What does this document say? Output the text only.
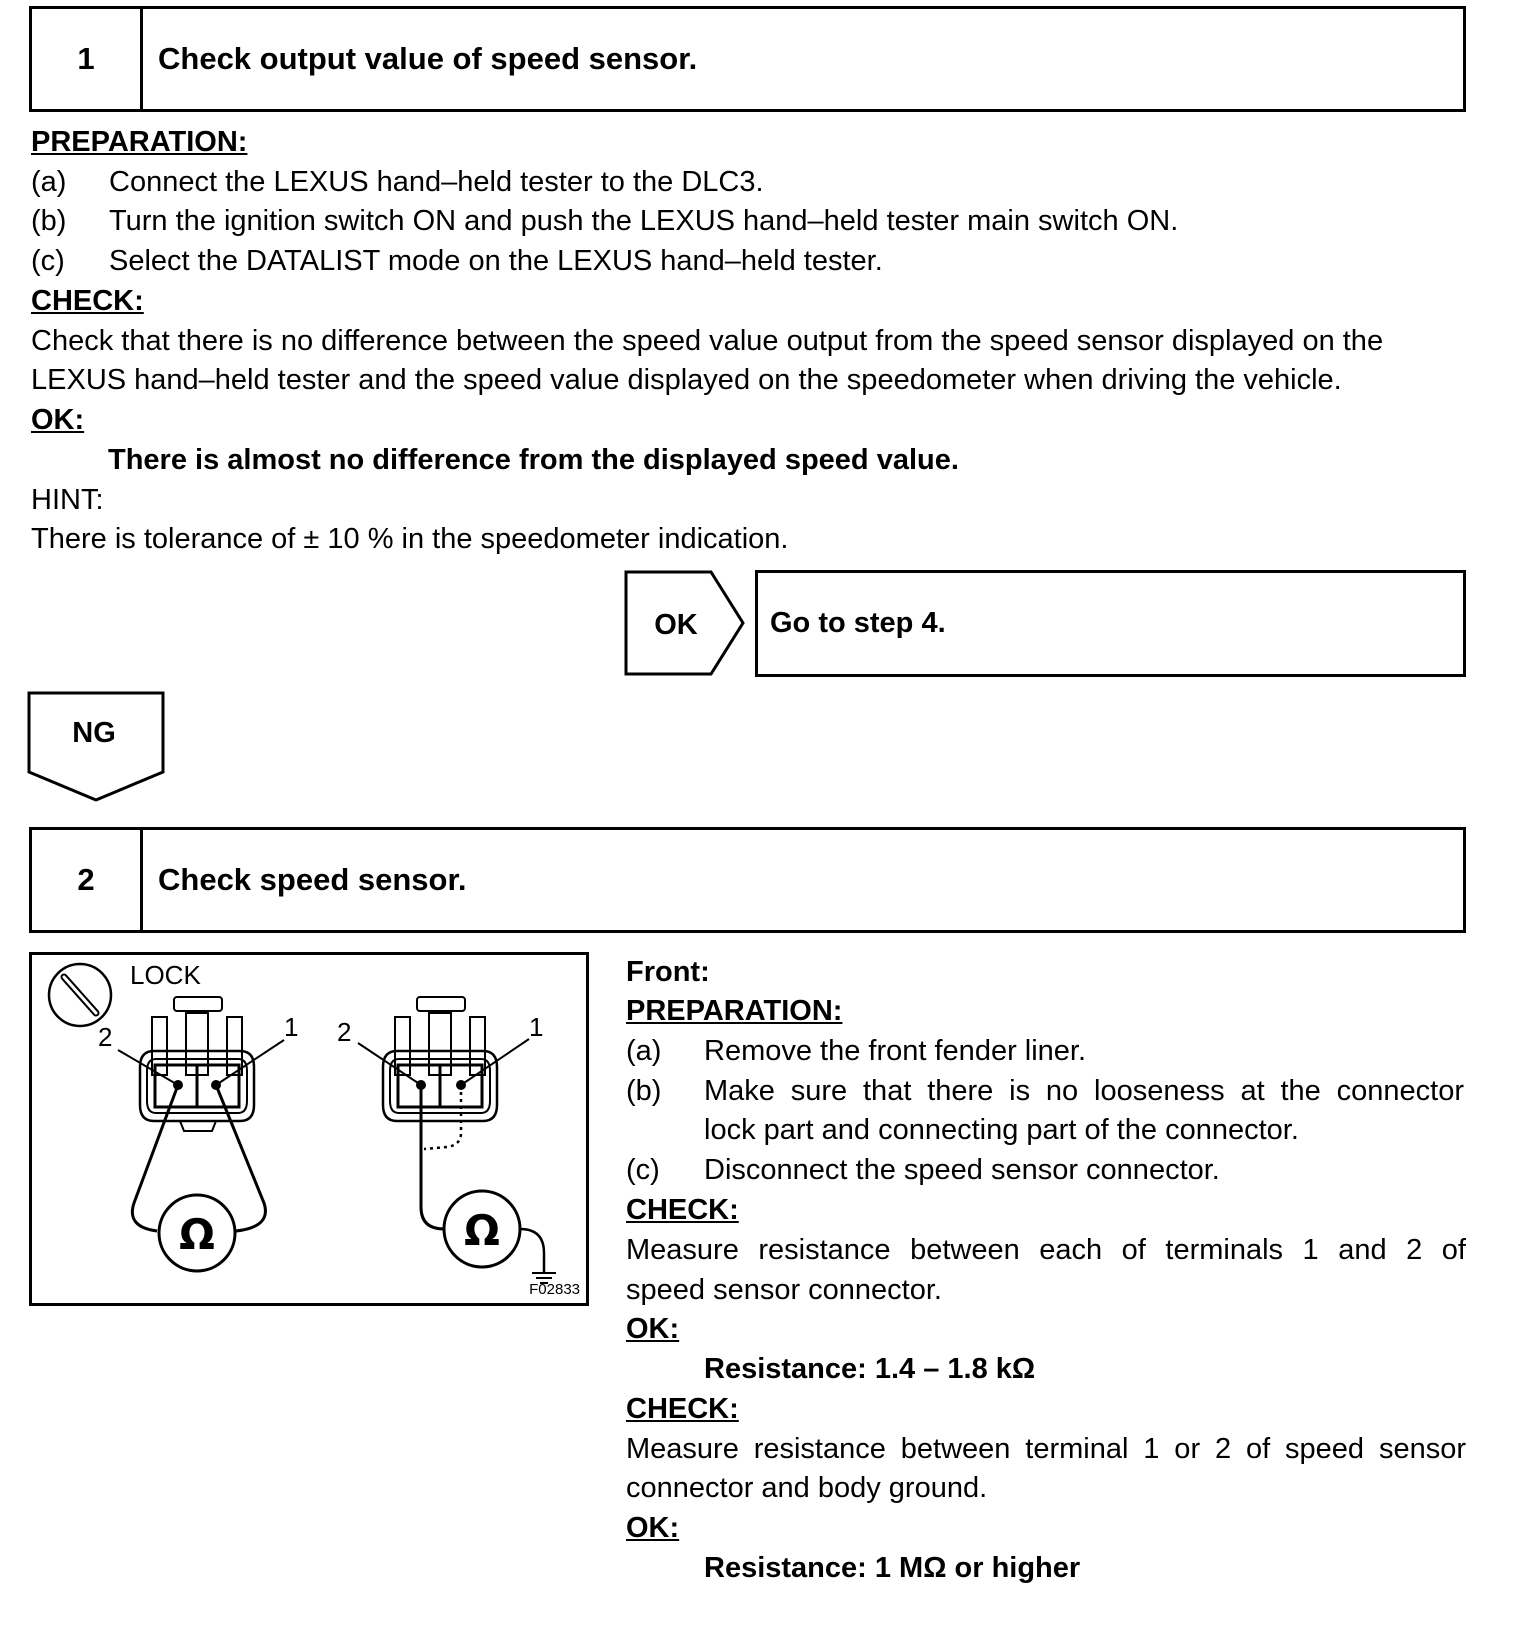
1	Check output value of speed sensor.
PREPARATION:
(a) Connect the LEXUS hand–held tester to the DLC3.
(b) Turn the ignition switch ON and push the LEXUS hand–held tester main switch ON.
(c) Select the DATALIST mode on the LEXUS hand–held tester.
CHECK:
Check that there is no difference between the speed value output from the speed sensor displayed on the
LEXUS hand–held tester and the speed value displayed on the speedometer when driving the vehicle.
OK:
There is almost no difference from the displayed speed value.
HINT:
There is tolerance of ± 10 % in the speedometer indication.
OK Go to step 4.
NG
2	Check speed sensor.
LOCK
2	1
Ω
2	1
Ω
F02833
Front:
PREPARATION:
(a) Remove the front fender liner.
(b) Make sure that there is no looseness at the connector
lock part and connecting part of the connector.
(c) Disconnect the speed sensor connector.
CHECK:
Measure resistance between each of terminals 1 and 2 of
speed sensor connector.
OK:
Resistance: 1.4 – 1.8 kΩ
CHECK:
Measure resistance between terminal 1 or 2 of speed sensor
connector and body ground.
OK:
Resistance: 1 MΩ or higher
